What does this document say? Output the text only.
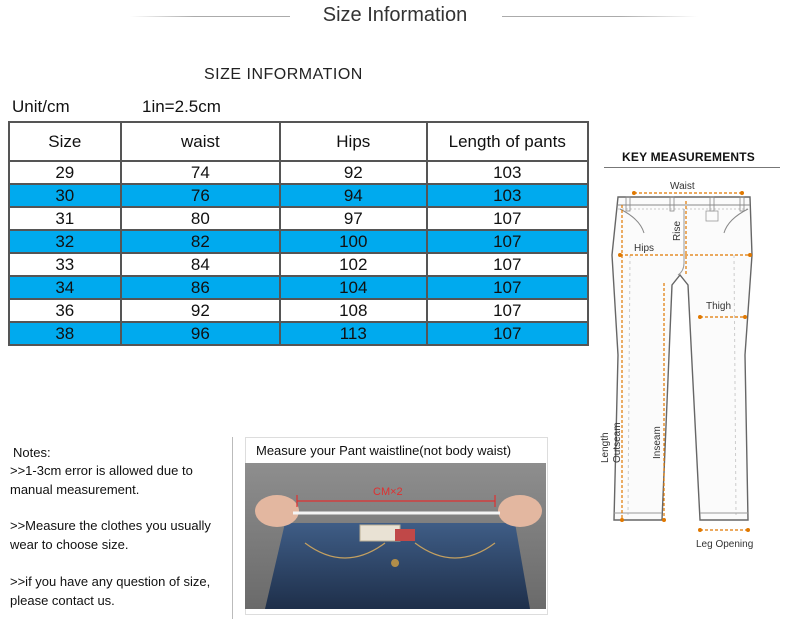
Size Information
SIZE INFORMATION
Unit/cm	1in=2.5cm
Size	waist	Hips	Length of pants
29	74	92	103
30	76	94	103
31	80	97	107
32	82	100	107
33	84	102	107
34	86	104	107
36	92	108	107
38	96	113	107
KEY MEASUREMENTS
Waist
Rise
Hips
Thigh
Outseam
Length	Inseam
Leg Opening
Notes:
>>1-3cm error is allowed due to manual measurement.
>>Measure the clothes you usually wear to choose size.
>>if you have any question of size, please contact us.
Measure your Pant waistline(not body waist)
CM×2
